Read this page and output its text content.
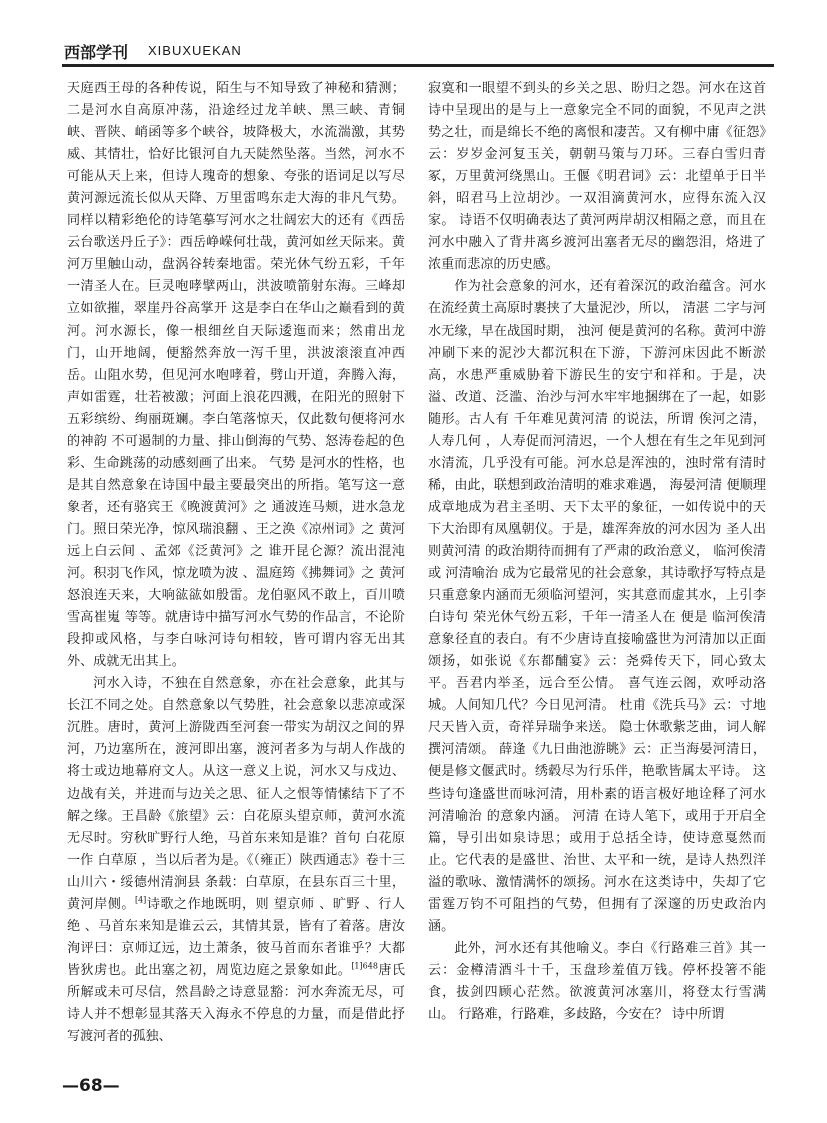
西部学刊 XIBUXUEKAN

天庭西王母的各种传说，陌生与不知导致了神秘和猜测；二是河水自高原冲荡，沿途经过龙羊峡、黑三峡、青铜峡、晋陕、峭函等多个峡谷，坡降极大，水流湍激，其势威、其情壮，恰好比银河自九天陡然坠落。当然，河水不可能从天上来，但诗人瑰奇的想象、夸张的语词足以写尽黄河源远流长似从天降、万里雷鸣东走大海的非凡气势。同样以精彩绝伦的诗笔摹写河水之壮阔宏大的还有《西岳云台歌送丹丘子》：西岳峥嵘何壮哉，黄河如丝天际来。黄河万里触山动，盘涡谷转秦地雷。荣光休气纷五彩，千年一清圣人在。巨灵咆哮擘两山，洪波喷箭射东海。三峰却立如欲摧，翠崖丹谷高掌开 这是李白在华山之巅看到的黄河。河水源长，像一根细丝自天际逶迤而来；然甫出龙门，山开地阔，便豁然奔放一泻千里，洪波滚滚直冲西岳。山阻水势，但见河水咆哮着，劈山开道，奔腾入海，声如雷霆，壮若被激；河面上浪花四溅，在阳光的照射下五彩缤纷、绚丽斑斓。李白笔落惊天，仅此数句便将河水的神韵 不可遏制的力量、排山倒海的气势、怒涛卷起的色彩、生命跳荡的动感刻画了出来。 气势 是河水的性格，也是其自然意象在诗国中最主要最突出的所指。笔写这一意象者，还有骆宾王《晚渡黄河》之 通波连马颊，进水急龙门。照日荣光净，惊风瑞浪翻 、王之涣《凉州词》之 黄河远上白云间 、孟郊《泛黄河》之 谁开昆仑源？流出混沌河。积羽飞作风，惊龙喷为波 、温庭筠《拂舞词》之 黄河怒浪连天来，大响谹谹如殷雷。龙伯驱风不敢上，百川喷雪高崔嵬 等等。就唐诗中描写河水气势的作品言，不论阶段抑或风格，与李白咏河诗句相较，皆可谓内容无出其外、成就无出其上。

河水入诗，不独在自然意象，亦在社会意象，此其与长江不同之处。自然意象以气势胜，社会意象以悲凉或深沉胜。唐时，黄河上游陇西至河套一带实为胡汉之间的界河，乃边塞所在，渡河即出塞，渡河者多为与胡人作战的将士或边地幕府文人。从这一意义上说，河水又与戍边、边战有关，并进而与边关之思、征人之恨等情愫结下了不解之缘。王昌龄《旅望》云：白花原头望京师，黄河水流无尽时。穷秋旷野行人绝，马首东来知是谁？首句 白花原 一作 白草原 ，当以后者为是。《（雍正）陕西通志》卷十三 山川六・绥德州清涧县 条载：白草原，在县东百三十里，黄河岸侧。[4]诗歌之作地既明，则 望京师 、旷野 、行人绝 、马首东来知是谁云云，其情其景，皆有了着落。唐汝洵评曰：京师辽远，边土萧条，彼马首而东者谁乎？大都皆狄虏也。此出塞之初，周览边庭之景象如此。$^{[1]648}$唐氏所解或未可尽信，然昌龄之诗意显豁：河水奔流无尽，可诗人并不想彰显其落天入海永不停息的力量，而是借此抒写渡河者的孤独、

寂寞和一眼望不到头的乡关之思、盼归之怨。河水在这首诗中呈现出的是与上一意象完全不同的面貌，不见声之洪势之壮，而是绵长不绝的离恨和凄苦。又有柳中庸《征怨》云：岁岁金河复玉关，朝朝马策与刀环。三春白雪归青冢，万里黄河绕黑山。王偃《明君词》云：北望单于日半斜，昭君马上泣胡沙。一双泪滴黄河水，应得东流入汉家。 诗语不仅明确表达了黄河两岸胡汉相隔之意，而且在河水中融入了背井离乡渡河出塞者无尽的幽怨泪，烙进了浓重而悲凉的历史感。

作为社会意象的河水，还有着深沉的政治蕴含。河水在流经黄土高原时裹挟了大量泥沙，所以， 清湛 二字与河水无缘，早在战国时期， 浊河 便是黄河的名称。黄河中游冲刷下来的泥沙大都沉积在下游，下游河床因此不断淤高，水患严重威胁着下游民生的安宁和祥和。于是，决溢、改道、泛滥、治沙与河水牢牢地捆绑在了一起，如影随形。古人有 千年难见黄河清 的说法，所谓 俟河之清，人寿几何 ，人寿促而河清迟，一个人想在有生之年见到河水清流，几乎没有可能。河水总是浑浊的，浊时常有清时稀，由此，联想到政治清明的难求难遇， 海晏河清 便顺理成章地成为君主圣明、天下太平的象征，一如传说中的天下大治即有凤凰朝仪。于是，雄浑奔放的河水因为 圣人出则黄河清 的政治期待而拥有了严肃的政治意义， 临河俟清 或 河清喻治 成为它最常见的社会意象，其诗歌抒写特点是只重意象内涵而无须临河望河，实其意而虚其水，上引李白诗句 荣光休气纷五彩，千年一清圣人在 便是 临河俟清 意象径直的表白。有不少唐诗直接喻盛世为河清加以正面颂扬，如张说《东都酺宴》云：尧舜传天下，同心致太平。吾君内举圣，远合至公情。 喜气连云阁，欢呼动洛城。人间知几代？今日见河清。 杜甫《洗兵马》云：寸地尺天皆入贡，奇祥异瑞争来送。 隐士休歌紫芝曲，词人解撰河清颂。 薛逢《九日曲池游眺》云：正当海晏河清日，便是修文偃武时。绣毂尽为行乐伴，艳歌皆属太平诗。 这些诗句逢盛世而咏河清，用朴素的语言极好地诠释了河水 河清喻治 的意象内涵。 河清 在诗人笔下，或用于开启全篇，导引出如泉诗思；或用于总括全诗，使诗意戛然而止。它代表的是盛世、治世、太平和一统，是诗人热烈洋溢的歌咏、激情满怀的颂扬。河水在这类诗中，失却了它雷霆万钧不可阻挡的气势，但拥有了深邃的历史政治内涵。

此外，河水还有其他喻义。李白《行路难三首》其一云：金樽清酒斗十千，玉盘珍羞值万钱。停杯投箸不能食，拔剑四顾心茫然。欲渡黄河冰塞川，将登太行雪满山。 行路难，行路难，多歧路，今安在？ 诗中所谓

—68—
